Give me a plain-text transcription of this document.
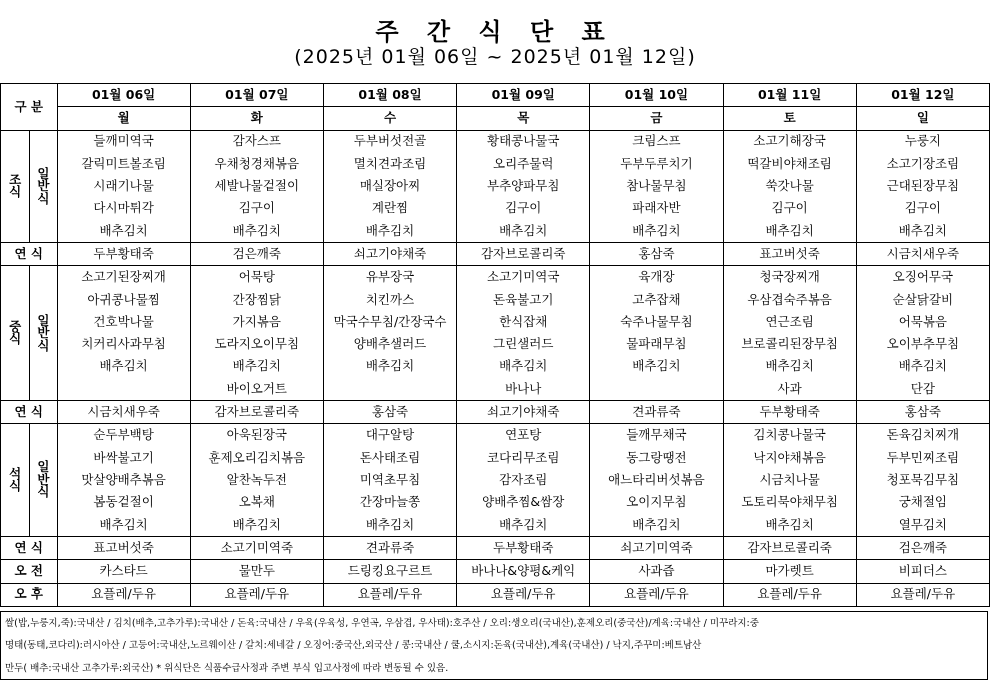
주 간 식 단 표
(2025년 01월 06일 ~ 2025년 01월 12일)
구 분		01월 06일	01월 07일	01월 08일	01월 09일	01월 10일	01월 11일	01월 12일
		월	화	수	목	금	토	일
조
식	일
반
식	들깨미역국	감자스프	두부버섯전골	황태콩나물국	크림스프	소고기해장국	누룽지
		갈릭미트볼조림	우채청경채볶음	멸치견과조림	오리주물럭	두부두루치기	떡갈비야채조림	소고기장조림
		시래기나물	세발나물겉절이	매실장아찌	부추양파무침	참나물무침	쑥갓나물	근대된장무침
		다시마튀각	김구이	계란찜	김구이	파래자반	김구이	김구이
		배추김치	배추김치	배추김치	배추김치	배추김치	배추김치	배추김치
연 식		두부황태죽	검은깨죽	쇠고기야채죽	감자브로콜리죽	홍삼죽	표고버섯죽	시금치새우죽
중
식	일
반
식	소고기된장찌개	어묵탕	유부장국	소고기미역국	육개장	청국장찌개	오징어무국
		아귀콩나물찜	간장찜닭	치킨까스	돈육불고기	고추잡채	우삼겹숙주볶음	순살닭갈비
		건호박나물	가지볶음	막국수무침/간장국수	한식잡채	숙주나물무침	연근조림	어묵볶음
		치커리사과무침	도라지오이무침	양배추샐러드	그린샐러드	물파래무침	브로콜리된장무침	오이부추무침
		배추김치	배추김치	배추김치	배추김치	배추김치	배추김치	배추김치
			바이오거트		바나나		사과	단감
연 식		시금치새우죽	감자브로콜리죽	홍삼죽	쇠고기야채죽	견과류죽	두부황태죽	홍삼죽
석
식	일
반
식	순두부백탕	아욱된장국	대구알탕	연포탕	들깨무채국	김치콩나물국	돈육김치찌개
		바싹불고기	훈제오리김치볶음	돈사태조림	코다리무조림	동그랑땡전	낙지야채볶음	두부민찌조림
		맛살양배추볶음	알찬녹두전	미역초무침	감자조림	애느타리버섯볶음	시금치나물	청포묵김무침
		봄동겉절이	오복채	간장마늘쫑	양배추찜&쌈장	오이지무침	도토리묵야채무침	궁채절임
		배추김치	배추김치	배추김치	배추김치	배추김치	배추김치	열무김치
연 식		표고버섯죽	소고기미역죽	견과류죽	두부황태죽	쇠고기미역죽	감자브로콜리죽	검은깨죽
오 전		카스타드	물만두	드링킹요구르트	바나나&양평&케익	사과즙	마가렛트	비피더스
오 후		요플레/두유	요플레/두유	요플레/두유	요플레/두유	요플레/두유	요플레/두유	요플레/두유
쌀(밥,누룽지,죽):국내산 / 김치(배추,고추가루):국내산 / 돈육:국내산 / 우육(우육성, 우연곡, 우삼겹, 우사태):호주산 / 오리:생오리(국내산),훈제오리(중국산)/계육:국내산 / 미꾸라지:중
명태(동태,코다리):러시아산 / 고등어:국내산,노르웨이산 / 갈치:세네갈 / 오징어:중국산,외국산 / 콩:국내산 / 쿨,소시지:돈육(국내산),계육(국내산) / 낙지,주꾸미:베트남산
만두( 배추:국내산 고추가루:외국산) * 위식단은 식품수급사정과 주변 부식 입고사정에 따라 변동될 수 있음.
